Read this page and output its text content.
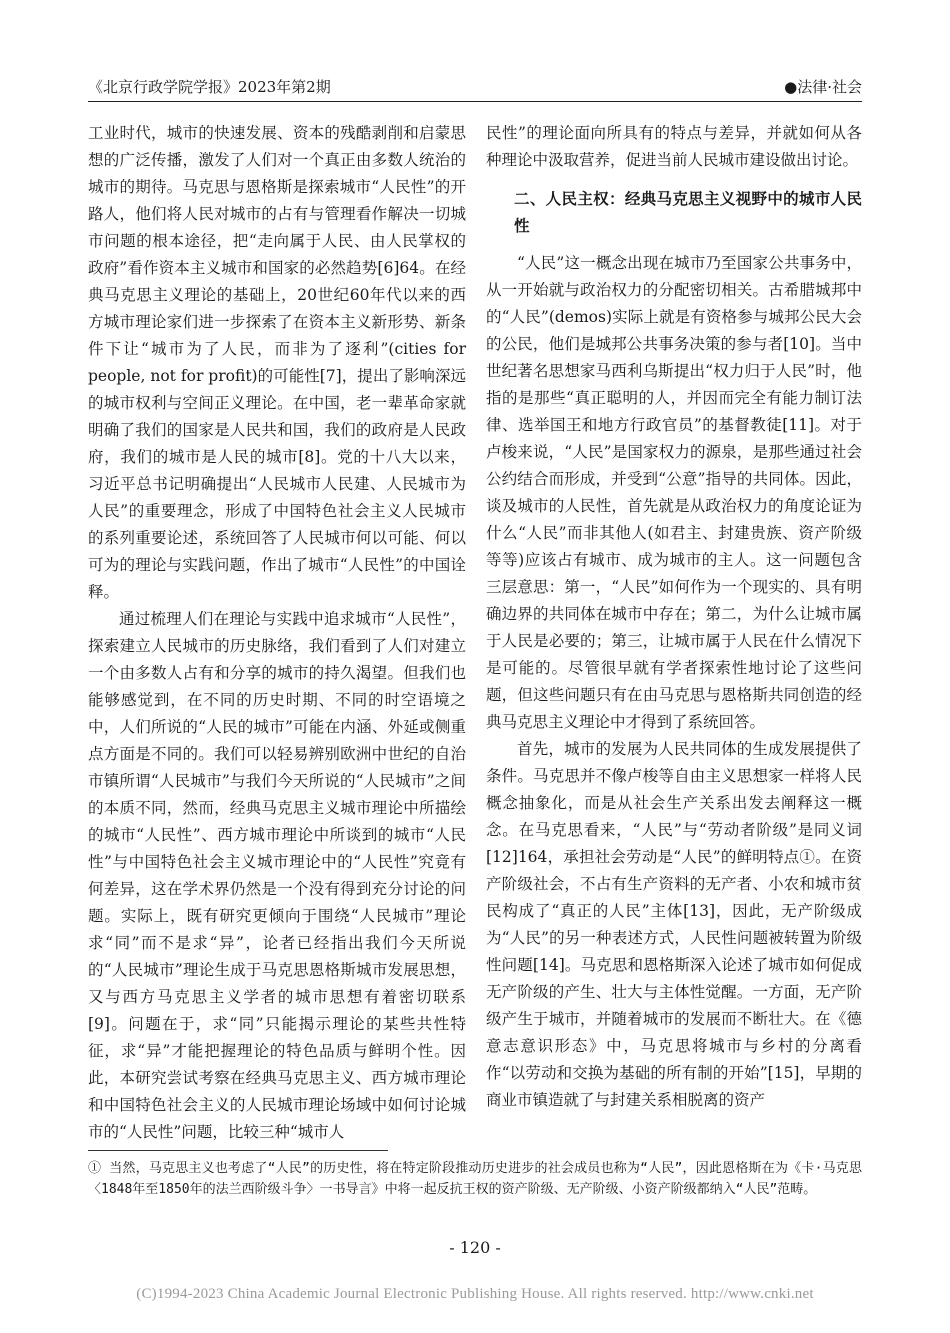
《北京行政学院学报》2023年第2期	●法律·社会

工业时代，城市的快速发展、资本的残酷剥削和启蒙思想的广泛传播，激发了人们对一个真正由多数人统治的城市的期待。马克思与恩格斯是探索城市“人民性”的开路人，他们将人民对城市的占有与管理看作解决一切城市问题的根本途径，把“走向属于人民、由人民掌权的政府”看作资本主义城市和国家的必然趋势[6]64。在经典马克思主义理论的基础上，20世纪60年代以来的西方城市理论家们进一步探索了在资本主义新形势、新条件下让“城市为了人民，而非为了逐利”(cities for people, not for profit)的可能性[7]，提出了影响深远的城市权利与空间正义理论。在中国，老一辈革命家就明确了我们的国家是人民共和国，我们的政府是人民政府，我们的城市是人民的城市[8]。党的十八大以来，习近平总书记明确提出“人民城市人民建、人民城市为人民”的重要理念，形成了中国特色社会主义人民城市的系列重要论述，系统回答了人民城市何以可能、何以可为的理论与实践问题，作出了城市“人民性”的中国诠释。

通过梳理人们在理论与实践中追求城市“人民性”，探索建立人民城市的历史脉络，我们看到了人们对建立一个由多数人占有和分享的城市的持久渴望。但我们也能够感觉到，在不同的历史时期、不同的时空语境之中，人们所说的“人民的城市”可能在内涵、外延或侧重点方面是不同的。我们可以轻易辨别欧洲中世纪的自治市镇所谓“人民城市”与我们今天所说的“人民城市”之间的本质不同，然而，经典马克思主义城市理论中所描绘的城市“人民性”、西方城市理论中所谈到的城市“人民性”与中国特色社会主义城市理论中的“人民性”究竟有何差异，这在学术界仍然是一个没有得到充分讨论的问题。实际上，既有研究更倾向于围绕“人民城市”理论求“同”而不是求“异”，论者已经指出我们今天所说的“人民城市”理论生成于马克思恩格斯城市发展思想，又与西方马克思主义学者的城市思想有着密切联系[9]。问题在于，求“同”只能揭示理论的某些共性特征，求“异”才能把握理论的特色品质与鲜明个性。因此，本研究尝试考察在经典马克思主义、西方城市理论和中国特色社会主义的人民城市理论场域中如何讨论城市的“人民性”问题，比较三种“城市人

民性”的理论面向所具有的特点与差异，并就如何从各种理论中汲取营养，促进当前人民城市建设做出讨论。

二、人民主权：经典马克思主义视野中的城市人民性

“人民”这一概念出现在城市乃至国家公共事务中，从一开始就与政治权力的分配密切相关。古希腊城邦中的“人民”(demos)实际上就是有资格参与城邦公民大会的公民，他们是城邦公共事务决策的参与者[10]。当中世纪著名思想家马西利乌斯提出“权力归于人民”时，他指的是那些“真正聪明的人，并因而完全有能力制订法律、选举国王和地方行政官员”的基督教徒[11]。对于卢梭来说，“人民”是国家权力的源泉，是那些通过社会公约结合而形成，并受到“公意”指导的共同体。因此，谈及城市的人民性，首先就是从政治权力的角度论证为什么“人民”而非其他人(如君主、封建贵族、资产阶级等等)应该占有城市、成为城市的主人。这一问题包含三层意思：第一，“人民”如何作为一个现实的、具有明确边界的共同体在城市中存在；第二，为什么让城市属于人民是必要的；第三，让城市属于人民在什么情况下是可能的。尽管很早就有学者探索性地讨论了这些问题，但这些问题只有在由马克思与恩格斯共同创造的经典马克思主义理论中才得到了系统回答。

首先，城市的发展为人民共同体的生成发展提供了条件。马克思并不像卢梭等自由主义思想家一样将人民概念抽象化，而是从社会生产关系出发去阐释这一概念。在马克思看来，“人民”与“劳动者阶级”是同义词[12]164，承担社会劳动是“人民”的鲜明特点①。在资产阶级社会，不占有生产资料的无产者、小农和城市贫民构成了“真正的人民”主体[13]，因此，无产阶级成为“人民”的另一种表述方式，人民性问题被转置为阶级性问题[14]。马克思和恩格斯深入论述了城市如何促成无产阶级的产生、壮大与主体性觉醒。一方面，无产阶级产生于城市，并随着城市的发展而不断壮大。在《德意志意识形态》中，马克思将城市与乡村的分离看作“以劳动和交换为基础的所有制的开始”[15]，早期的商业市镇造就了与封建关系相脱离的资产

① 当然，马克思主义也考虑了“人民”的历史性，将在特定阶段推动历史进步的社会成员也称为“人民”，因此恩格斯在为《卡·马克思〈1848年至1850年的法兰西阶级斗争〉一书导言》中将一起反抗王权的资产阶级、无产阶级、小资产阶级都纳入“人民”范畴。
- 120 -
(C)1994-2023 China Academic Journal Electronic Publishing House. All rights reserved. http://www.cnki.net
